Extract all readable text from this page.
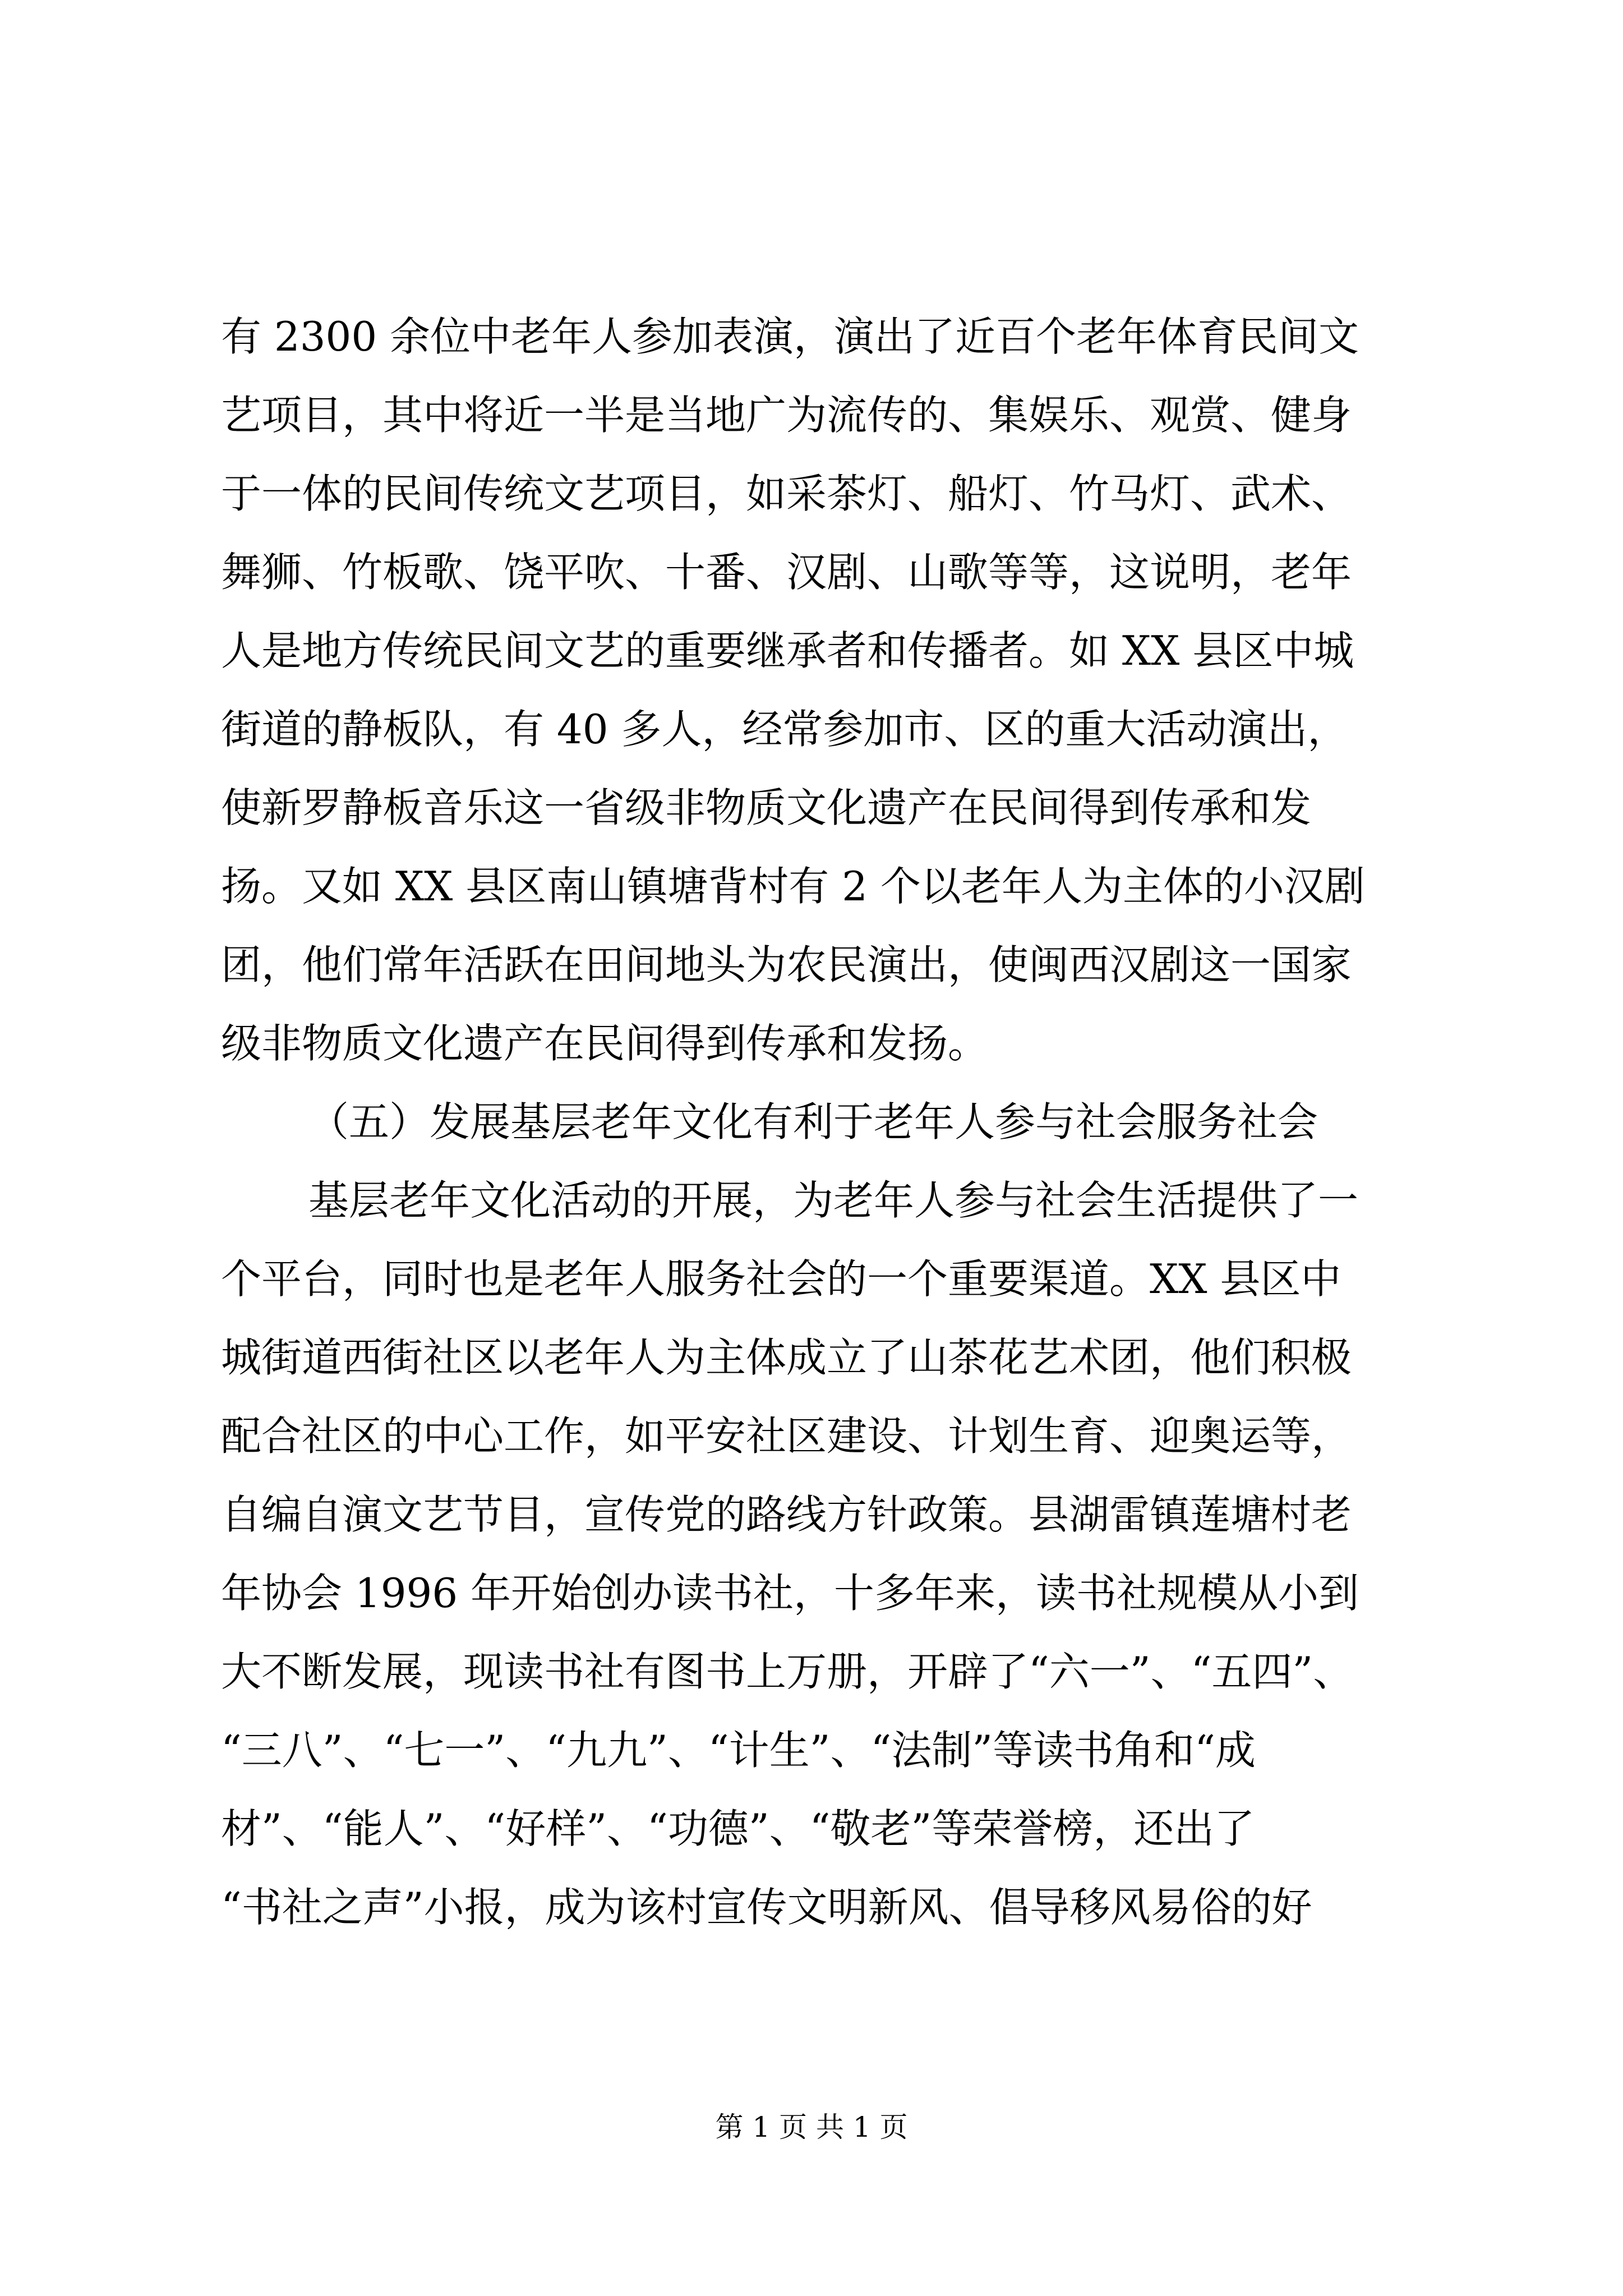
有 2300 余位中老年人参加表演，演出了近百个老年体育民间文
艺项目，其中将近一半是当地广为流传的、集娱乐、观赏、健身
于一体的民间传统文艺项目，如采茶灯、船灯、竹马灯、武术、
舞狮、竹板歌、饶平吹、十番、汉剧、山歌等等，这说明，老年
人是地方传统民间文艺的重要继承者和传播者。如 XX 县区中城
街道的静板队，有 40 多人，经常参加市、区的重大活动演出，
使新罗静板音乐这一省级非物质文化遗产在民间得到传承和发
扬。又如 XX 县区南山镇塘背村有 2 个以老年人为主体的小汉剧
团，他们常年活跃在田间地头为农民演出，使闽西汉剧这一国家
级非物质文化遗产在民间得到传承和发扬。
（五）发展基层老年文化有利于老年人参与社会服务社会
基层老年文化活动的开展，为老年人参与社会生活提供了一
个平台，同时也是老年人服务社会的一个重要渠道。XX 县区中
城街道西街社区以老年人为主体成立了山茶花艺术团，他们积极
配合社区的中心工作，如平安社区建设、计划生育、迎奥运等，
自编自演文艺节目，宣传党的路线方针政策。县湖雷镇莲塘村老
年协会 1996 年开始创办读书社，十多年来，读书社规模从小到
大不断发展，现读书社有图书上万册，开辟了“六一”、“五四”、
“三八”、“七一”、“九九”、“计生”、“法制”等读书角和“成
材”、“能人”、“好样”、“功德”、“敬老”等荣誉榜，还出了
“书社之声”小报，成为该村宣传文明新风、倡导移风易俗的好
第 1 页 共 1 页
